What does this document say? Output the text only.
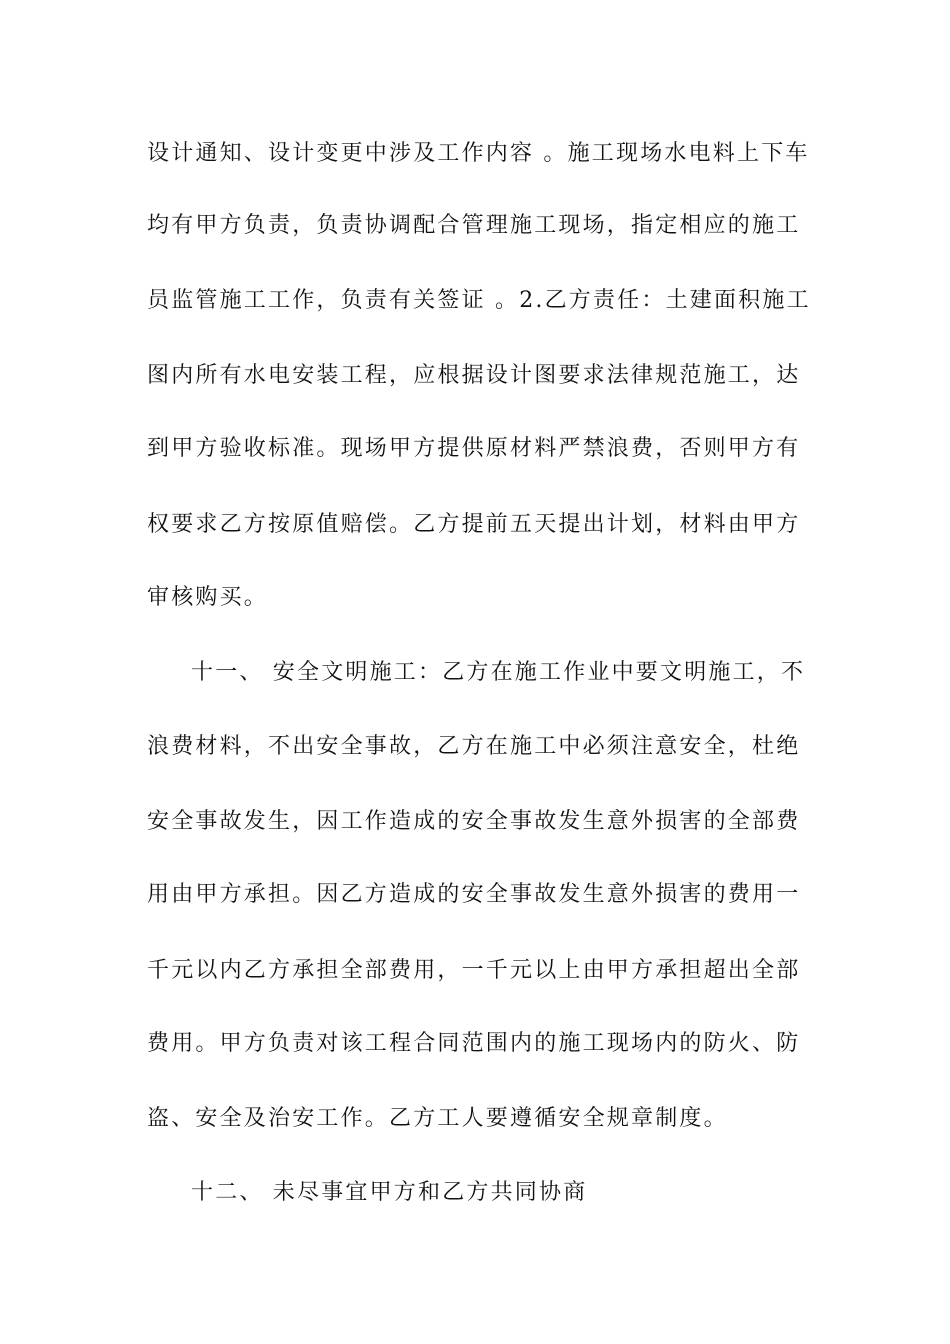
设计通知、设计变更中涉及工作内容 。施工现场水电料上下车
均有甲方负责，负责协调配合管理施工现场，指定相应的施工
员监管施工工作，负责有关签证 。2.乙方责任：土建面积施工
图内所有水电安装工程，应根据设计图要求法律规范施工，达
到甲方验收标准。现场甲方提供原材料严禁浪费，否则甲方有
权要求乙方按原值赔偿。乙方提前五天提出计划，材料由甲方
审核购买。
十一、 安全文明施工：乙方在施工作业中要文明施工，不
浪费材料，不出安全事故，乙方在施工中必须注意安全，杜绝
安全事故发生，因工作造成的安全事故发生意外损害的全部费
用由甲方承担。因乙方造成的安全事故发生意外损害的费用一
千元以内乙方承担全部费用，一千元以上由甲方承担超出全部
费用。甲方负责对该工程合同范围内的施工现场内的防火、防
盗、安全及治安工作。乙方工人要遵循安全规章制度。
十二、 未尽事宜甲方和乙方共同协商
